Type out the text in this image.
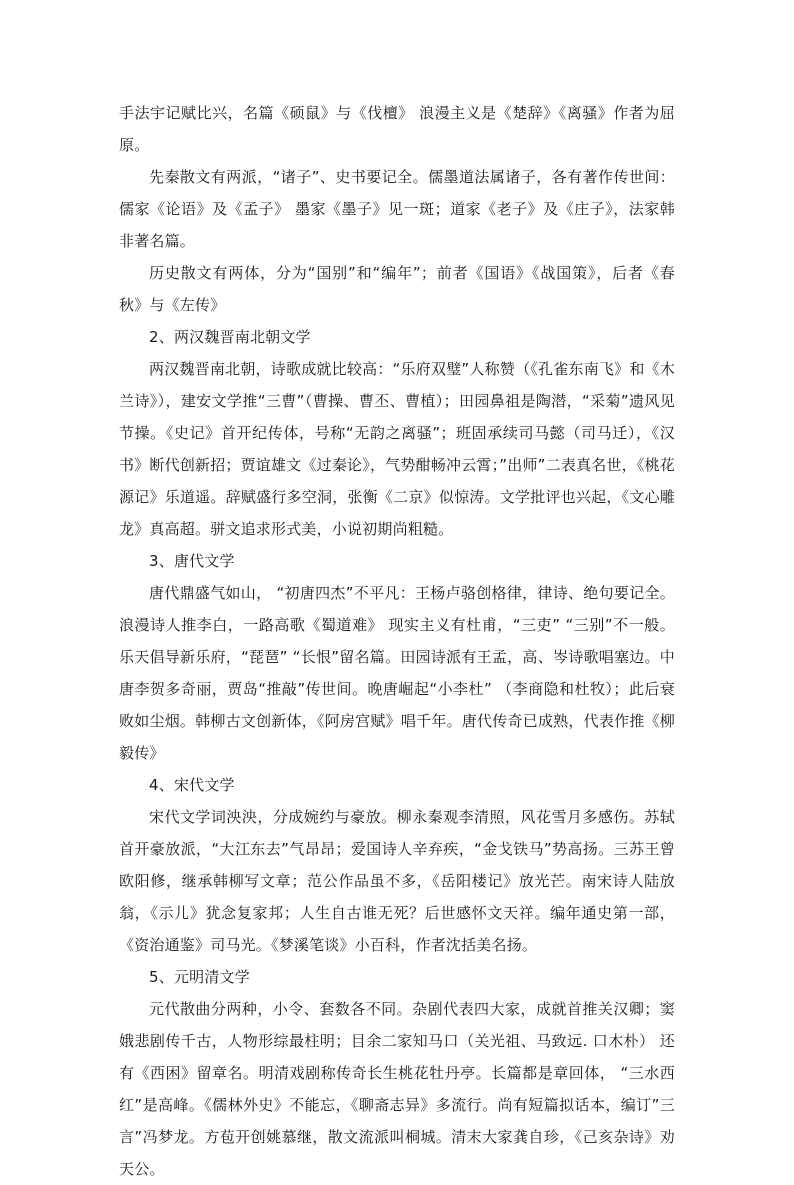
手法宇记赋比兴，名篇《硕鼠》与《伐檀》 浪漫主义是《楚辞》《离骚》作者为屈原。

先秦散文有两派，“诸子”、史书要记全。儒墨道法属诸子，各有著作传世间：儒家《论语》及《孟子》 墨家《墨子》见一斑；道家《老子》及《庄子》，法家韩非著名篇。

历史散文有两体，分为“国别”和“编年”；前者《国语》《战国策》，后者《春秋》与《左传》

2、两汉魏晋南北朝文学

两汉魏晋南北朝，诗歌成就比较高：“乐府双璧”人称赞（《孔雀东南飞》和《木兰诗》），建安文学推“三曹”（曹操、曹丕、曹植）；田园鼻祖是陶潜，“采菊”遗风见节操。《史记》首开纪传体，号称“无韵之离骚”；班固承续司马懿（司马迁），《汉书》断代创新招；贾谊雄文《过秦论》，气势酣畅冲云霄；”出师”二表真名世，《桃花源记》乐道遥。辞赋盛行多空洞，张衡《二京》似惊涛。文学批评也兴起，《文心雕龙》真高超。骈文追求形式美，小说初期尚粗糙。

3、唐代文学

唐代鼎盛气如山， “初唐四杰”不平凡：王杨卢骆创格律，律诗、绝句要记全。浪漫诗人推李白，一路高歌《蜀道难》 现实主义有杜甫，“三吏” “三别”不一般。乐天倡导新乐府，“琵琶” “长恨”留名篇。田园诗派有王孟，高、岑诗歌唱塞边。中唐李贺多奇丽，贾岛“推敲”传世间。晚唐崛起“小李杜” （李商隐和杜牧）；此后衰败如尘烟。韩柳古文创新体，《阿房宫赋》唱千年。唐代传奇已成熟，代表作推《柳毅传》

4、宋代文学

宋代文学词泱泱，分成婉约与豪放。柳永秦观李清照，风花雪月多感伤。苏轼首开豪放派，“大江东去”气昂昂；爱国诗人辛弃疾，“金戈铁马”势高扬。三苏王曾欧阳修，继承韩柳写文章；范公作品虽不多，《岳阳楼记》放光芒。南宋诗人陆放翁，《示儿》犹念复家邦；人生自古谁无死？后世感怀文天祥。编年通史第一部，《资治通鉴》司马光。《梦溪笔谈》小百科，作者沈括美名扬。

5、元明清文学

元代散曲分两种，小令、套数各不同。杂剧代表四大家，成就首推关汉卿；窦娥悲剧传千古，人物形综最柱明；目余二家知马口（关光祖、马致远. 口木朴） 还有《西困》留章名。明清戏剧称传奇长生桃花牡丹亭。长篇都是章回体， “三水西红”是高峰。《儒林外史》不能忘，《聊斋志异》多流行。尚有短篇拟话本，编订”三言”冯梦龙。方苞开创姚慕继，散文流派叫桐城。清末大家龚自珍，《己亥杂诗》劝天公。
